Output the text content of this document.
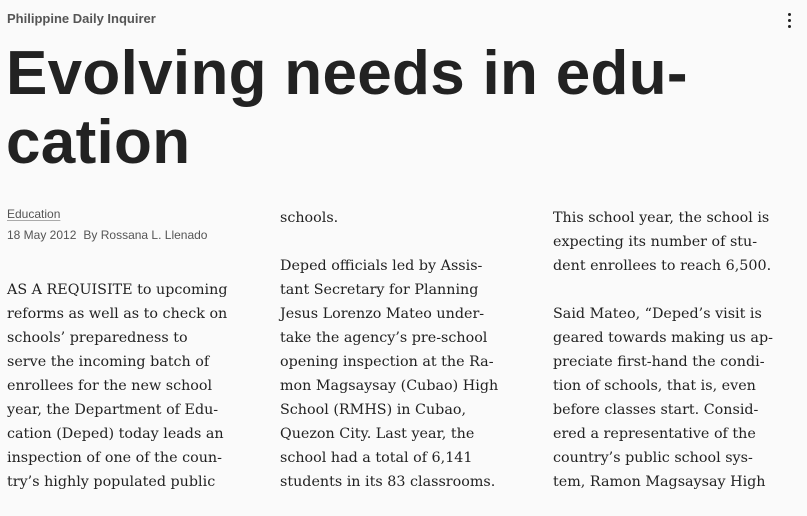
Philippine Daily Inquirer
Evolving needs in edu-
cation
Education
18 May 2012 By Rossana L. Llenado
AS A REQUISITE to upcoming
reforms as well as to check on
schools’ preparedness to
serve the incoming batch of
enrollees for the new school
year, the Department of Edu-
cation (Deped) today leads an
inspection of one of the coun-
try’s highly populated public
schools.
Deped officials led by Assis-
tant Secretary for Planning
Jesus Lorenzo Mateo under-
take the agency’s pre-school
opening inspection at the Ra-
mon Magsaysay (Cubao) High
School (RMHS) in Cubao,
Quezon City. Last year, the
school had a total of 6,141
students in its 83 classrooms.
This school year, the school is
expecting its number of stu-
dent enrollees to reach 6,500.
Said Mateo, “Deped’s visit is
geared towards making us ap-
preciate first-hand the condi-
tion of schools, that is, even
before classes start. Consid-
ered a representative of the
country’s public school sys-
tem, Ramon Magsaysay High
